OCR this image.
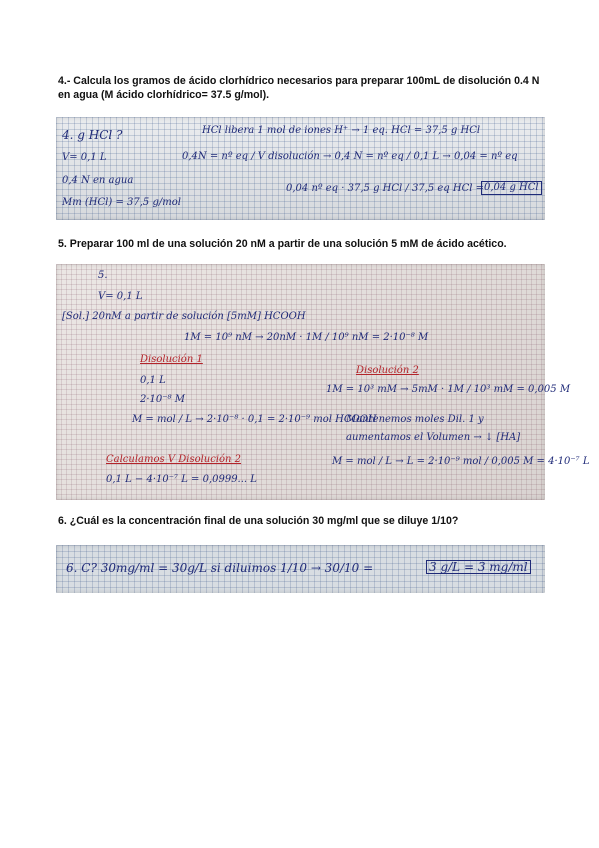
4.- Calcula los gramos de ácido clorhídrico necesarios para preparar 100mL de disolución 0.4 N en agua (M ácido clorhídrico= 37.5 g/mol).
4. g HCl ?
V= 0,1 L
0,4 N en agua
Mm (HCl) = 37,5 g/mol
HCl libera 1 mol de iones H⁺ → 1 eq. HCl = 37,5 g HCl
0,4N = nº eq / V disolución → 0,4 N = nº eq / 0,1 L → 0,04 = nº eq
0,04 nº eq · 37,5 g HCl / 37,5 eq HCl = 0,04 g HCl
5. Preparar 100 ml de una solución 20 nM a partir de una solución 5 mM de ácido acético.
5.
V= 0,1 L
[Sol.] 20nM a partir de solución [5mM] HCOOH
1M = 10⁹ nM → 20nM · 1M / 10⁹ nM = 2·10⁻⁸ M
Disolución 1
0,1 L
2·10⁻⁸ M
M = mol / L → 2·10⁻⁸ · 0,1 = 2·10⁻⁹ mol HCOOH
Disolución 2
1M = 10³ mM → 5mM · 1M / 10³ mM = 0,005 M
Mantenemos moles Dil. 1 y
aumentamos el Volumen → ↓ [HA]
M = mol / L → L = 2·10⁻⁹ mol / 0,005 M = 4·10⁻⁷ L
Calculamos V Disolución 2
0,1 L − 4·10⁻⁷ L = 0,0999... L
6. ¿Cuál es la concentración final de una solución 30 mg/ml que se diluye 1/10?
6. C? 30mg/ml = 30g/L si diluimos 1/10 → 30/10 =	3 g/L = 3 mg/ml
